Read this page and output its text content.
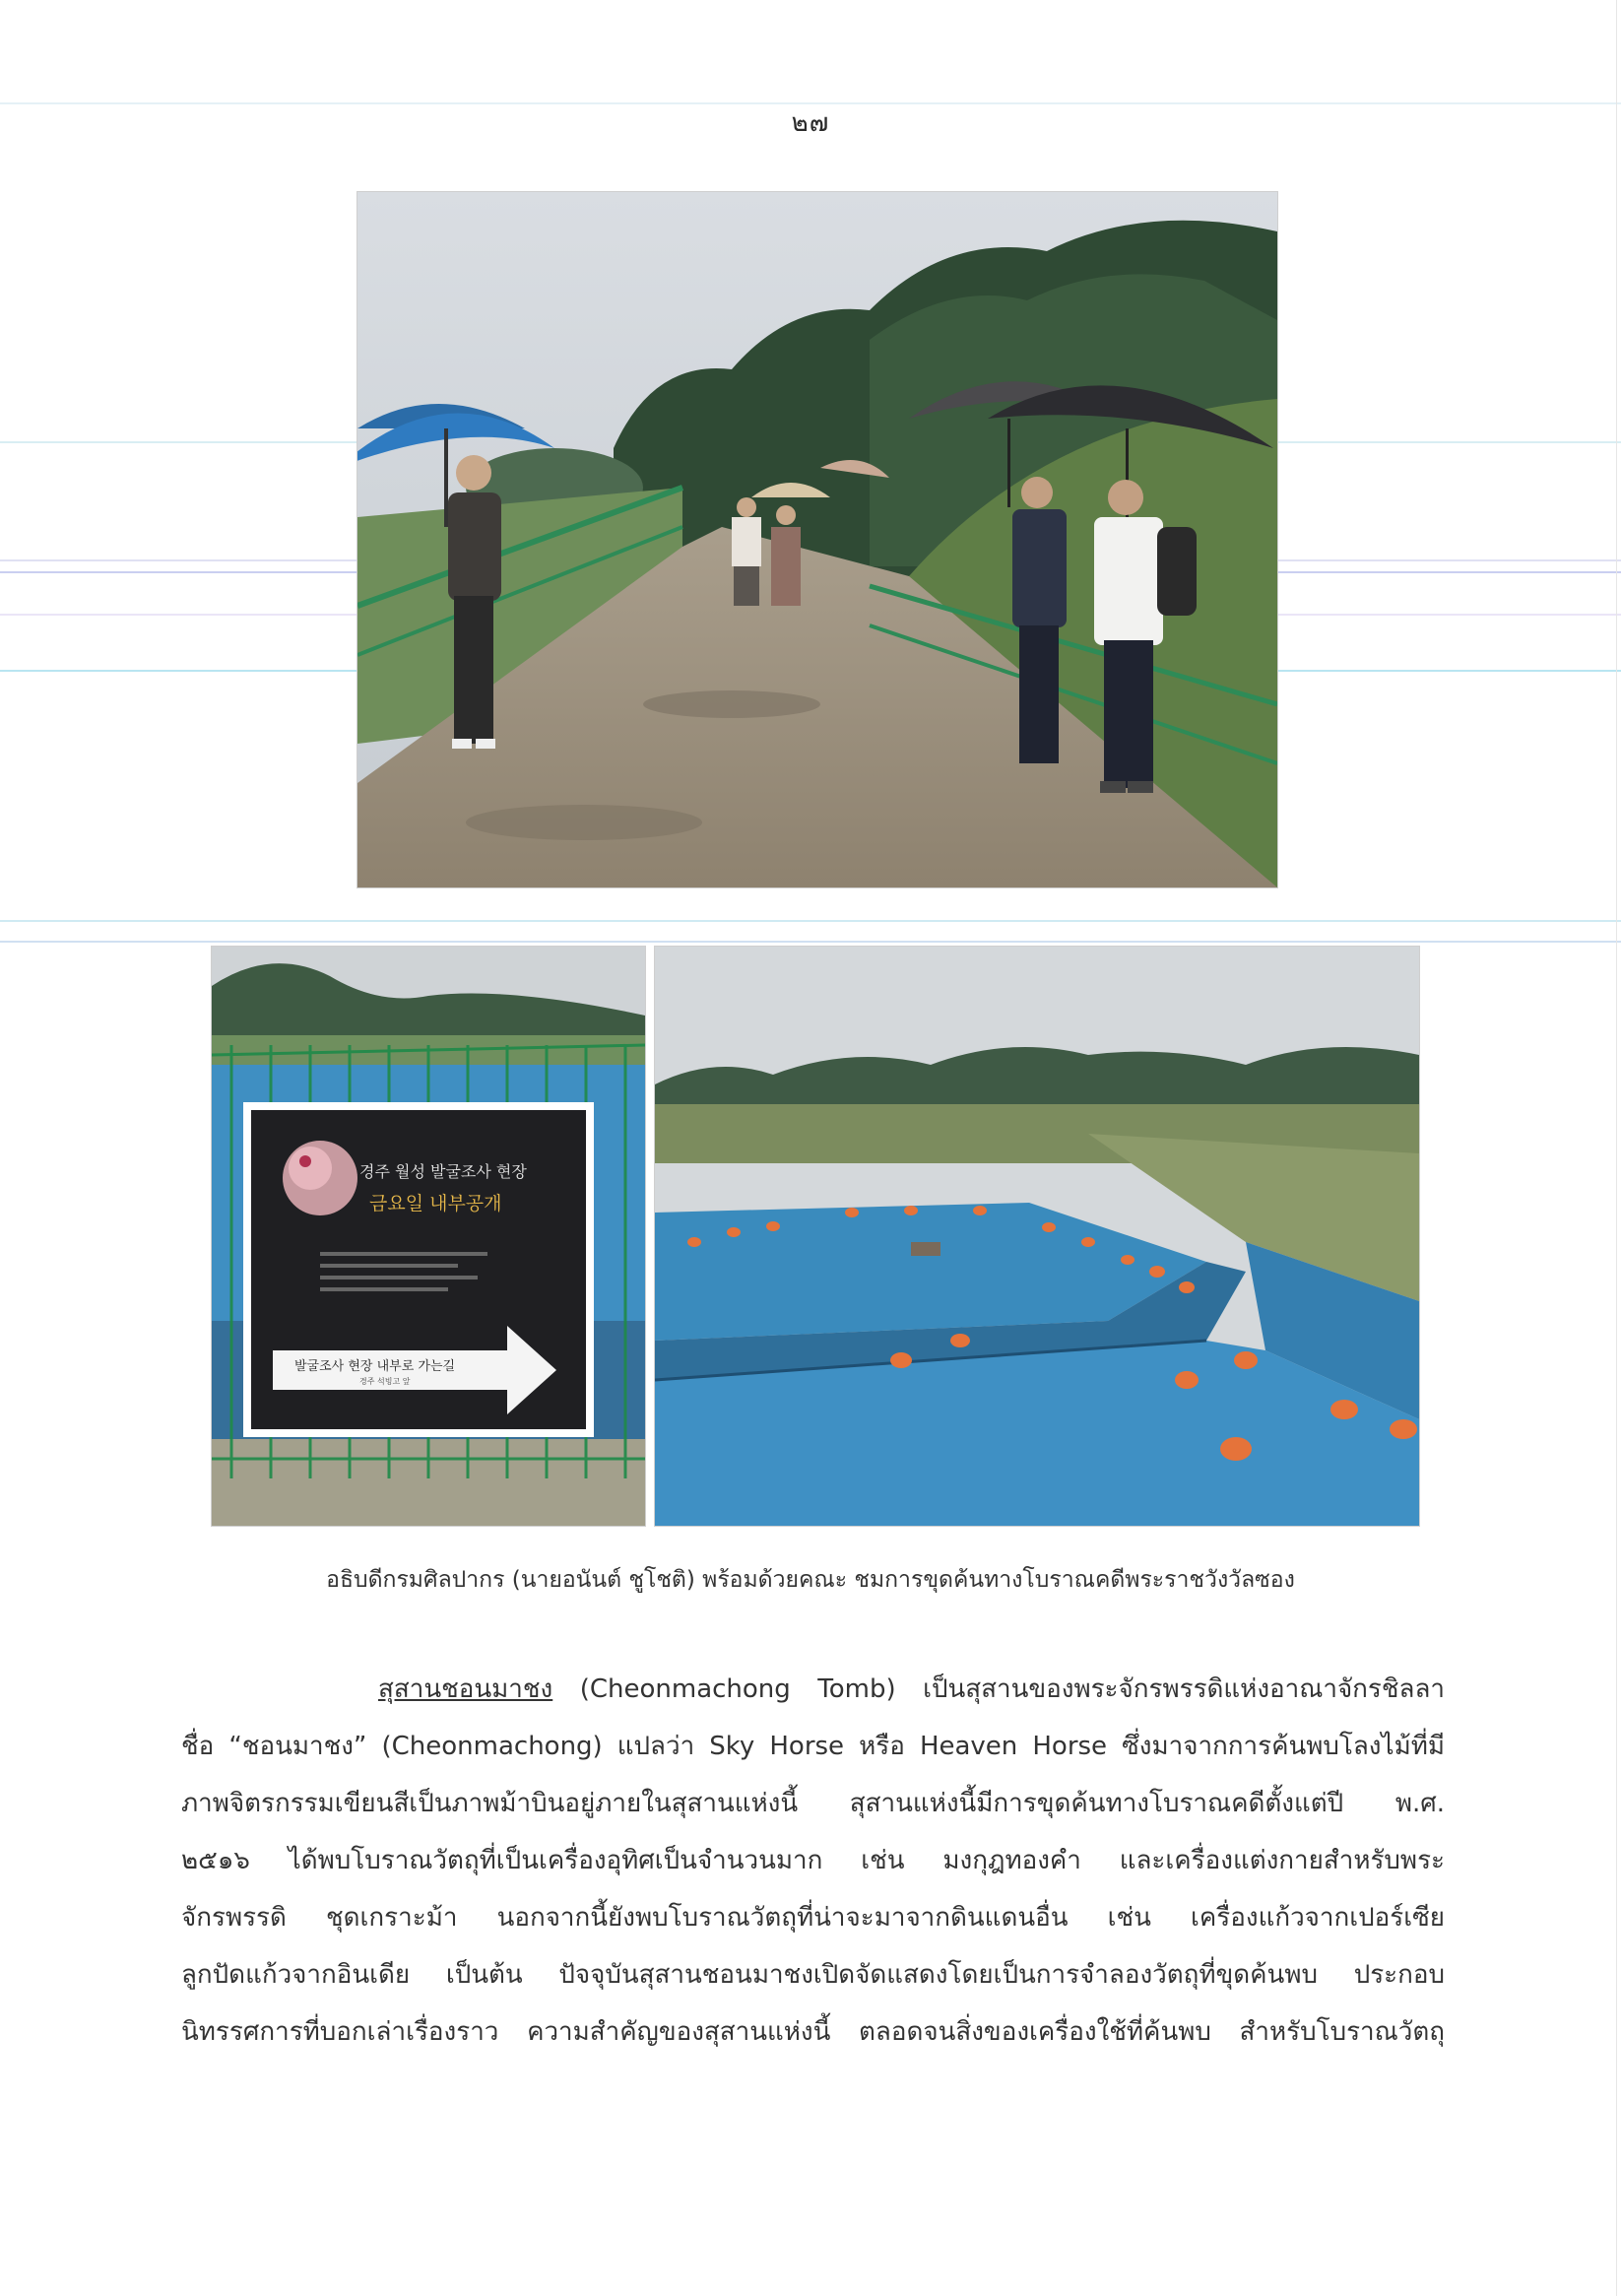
๒๗
경주 월성 발굴조사 현장
금요일 내부공개
발굴조사 현장 내부로 가는길
경주 석빙고 앞
อธิบดีกรมศิลปากร (นายอนันต์ ชูโชติ) พร้อมด้วยคณะ ชมการขุดค้นทางโบราณคดีพระราชวังวัลซอง
สุสานชอนมาชง (Cheonmachong Tomb) เป็นสุสานของพระจักรพรรดิแห่งอาณาจักรชิลลา
ชื่อ “ชอนมาชง” (Cheonmachong) แปลว่า Sky Horse หรือ Heaven Horse ซึ่งมาจากการค้นพบโลงไม้ที่มี
ภาพจิตรกรรมเขียนสีเป็นภาพม้าบินอยู่ภายในสุสานแห่งนี้ สุสานแห่งนี้มีการขุดค้นทางโบราณคดีตั้งแต่ปี พ.ศ.
๒๕๑๖ ได้พบโบราณวัตถุที่เป็นเครื่องอุทิศเป็นจำนวนมาก เช่น มงกุฎทองคำ และเครื่องแต่งกายสำหรับพระ
จักรพรรดิ ชุดเกราะม้า นอกจากนี้ยังพบโบราณวัตถุที่น่าจะมาจากดินแดนอื่น เช่น เครื่องแก้วจากเปอร์เซีย
ลูกปัดแก้วจากอินเดีย เป็นต้น ปัจจุบันสุสานชอนมาชงเปิดจัดแสดงโดยเป็นการจำลองวัตถุที่ขุดค้นพบ ประกอบ
นิทรรศการที่บอกเล่าเรื่องราว ความสำคัญของสุสานแห่งนี้ ตลอดจนสิ่งของเครื่องใช้ที่ค้นพบ สำหรับโบราณวัตถุ
